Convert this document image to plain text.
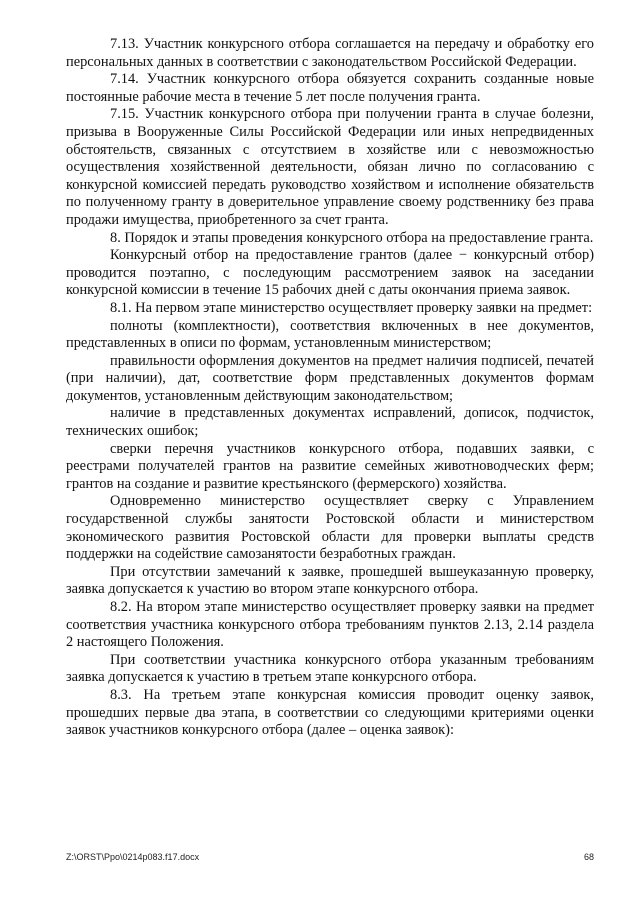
7.13. Участник конкурсного отбора соглашается на передачу и обработку его персональных данных в соответствии с законодательством Российской Федерации.

7.14. Участник конкурсного отбора обязуется сохранить созданные новые постоянные рабочие места в течение 5 лет после получения гранта.

7.15. Участник конкурсного отбора при получении гранта в случае болезни, призыва в Вооруженные Силы Российской Федерации или иных непредвиденных обстоятельств, связанных с отсутствием в хозяйстве или с невозможностью осуществления хозяйственной деятельности, обязан лично по согласованию с конкурсной комиссией передать руководство хозяйством и исполнение обязательств по полученному гранту в доверительное управление своему родственнику без права продажи имущества, приобретенного за счет гранта.

8. Порядок и этапы проведения конкурсного отбора на предоставление гранта.

Конкурсный отбор на предоставление грантов (далее − конкурсный отбор) проводится поэтапно, с последующим рассмотрением заявок на заседании конкурсной комиссии в течение 15 рабочих дней с даты окончания приема заявок.

8.1. На первом этапе министерство осуществляет проверку заявки на предмет:

полноты (комплектности), соответствия включенных в нее документов, представленных в описи по формам, установленным министерством;

правильности оформления документов на предмет наличия подписей, печатей (при наличии), дат, соответствие форм представленных документов формам документов, установленным действующим законодательством;

наличие в представленных документах исправлений, дописок, подчисток, технических ошибок;

сверки перечня участников конкурсного отбора, подавших заявки, с реестрами получателей грантов на развитие семейных животноводческих ферм; грантов на создание и развитие крестьянского (фермерского) хозяйства.

Одновременно министерство осуществляет сверку с Управлением государственной службы занятости Ростовской области и министерством экономического развития Ростовской области для проверки выплаты средств поддержки на содействие самозанятости безработных граждан.

При отсутствии замечаний к заявке, прошедшей вышеуказанную проверку, заявка допускается к участию во втором этапе конкурсного отбора.

8.2. На втором этапе министерство осуществляет проверку заявки на предмет соответствия участника конкурсного отбора требованиям пунктов 2.13, 2.14 раздела 2 настоящего Положения.

При соответствии участника конкурсного отбора указанным требованиям заявка допускается к участию в третьем этапе конкурсного отбора.

8.3. На третьем этапе конкурсная комиссия проводит оценку заявок, прошедших первые два этапа, в соответствии со следующими критериями оценки заявок участников конкурсного отбора (далее – оценка заявок):

Z:\ORST\Ppo\0214p083.f17.docx	68
